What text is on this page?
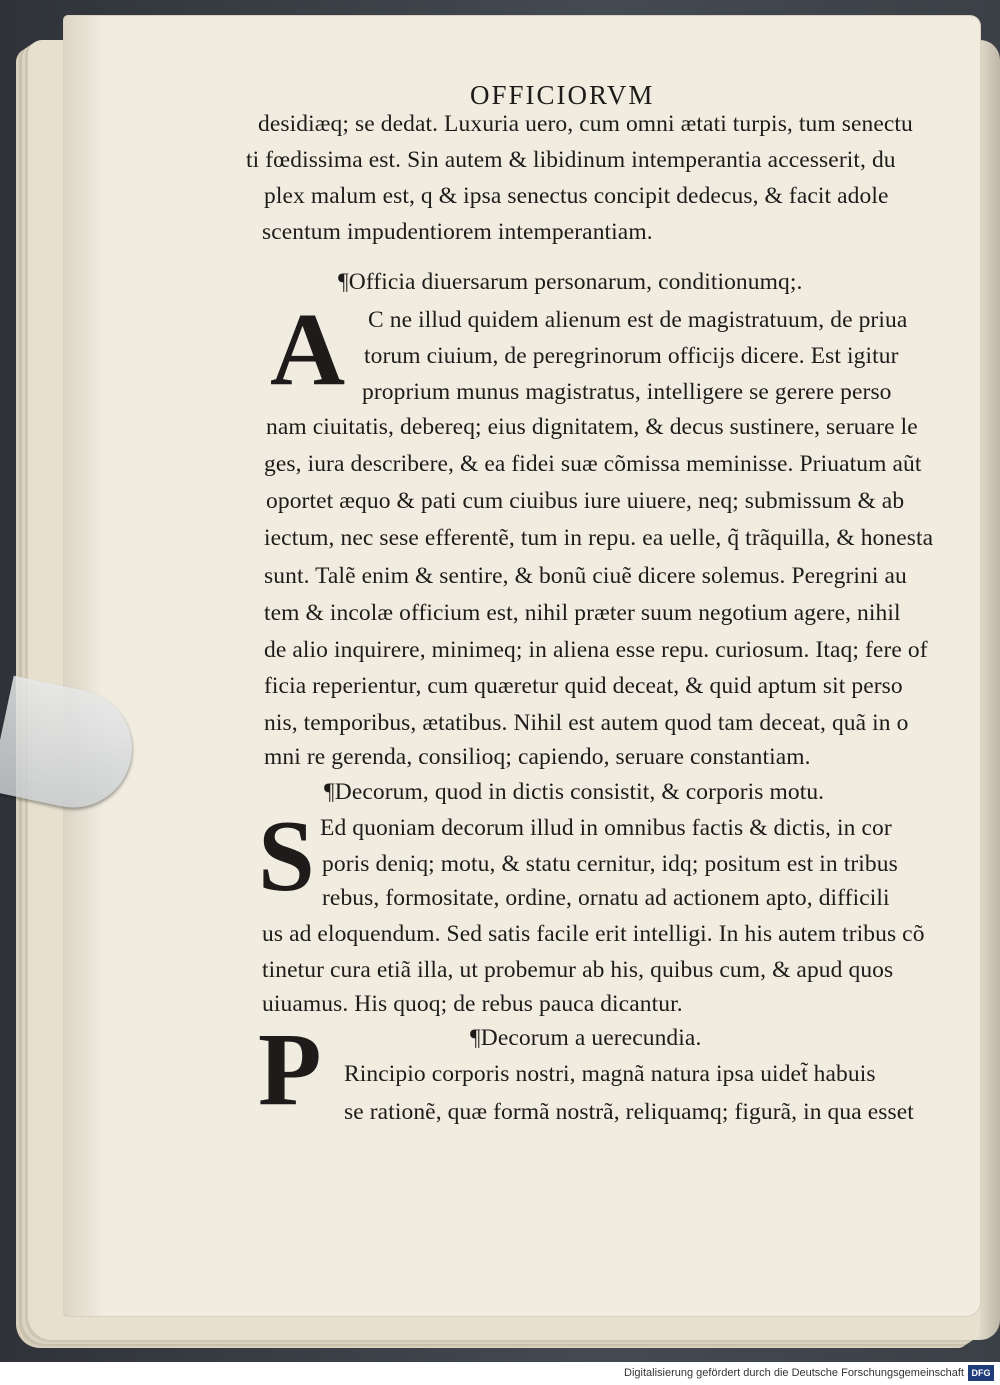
OFFICIORVM
desidiæq; se dedat. Luxuria uero, cum omni ætati turpis, tum senectu
ti fœdissima est. Sin autem & libidinum intemperantia accesserit, du
plex malum est, q & ipsa senectus concipit dedecus, & facit adole
scentum impudentiorem intemperantiam.
¶Officia diuersarum personarum, conditionumq;.
A C ne illud quidem alienum est de magistratuum, de priua
torum ciuium, de peregrinorum officijs dicere. Est igitur
proprium munus magistratus, intelligere se gerere perso
nam ciuitatis, debereq; eius dignitatem, & decus sustinere, seruare le
ges, iura describere, & ea fidei suæ cõmissa meminisse. Priuatum aũt
oportet æquo & pati cum ciuibus iure uiuere, neq; submissum & ab
iectum, nec sese efferentẽ, tum in repu. ea uelle, q̃ trãquilla, & honesta
sunt. Talẽ enim & sentire, & bonũ ciuẽ dicere solemus. Peregrini au
tem & incolæ officium est, nihil præter suum negotium agere, nihil
de alio inquirere, minimeq; in aliena esse repu. curiosum. Itaq; fere of
ficia reperientur, cum quæretur quid deceat, & quid aptum sit perso
nis, temporibus, ætatibus. Nihil est autem quod tam deceat, quã in o
mni re gerenda, consilioq; capiendo, seruare constantiam.
¶Decorum, quod in dictis consistit, & corporis motu.
S Ed quoniam decorum illud in omnibus factis & dictis, in cor
poris deniq; motu, & statu cernitur, idq; positum est in tribus
rebus, formositate, ordine, ornatu ad actionem apto, difficili
us ad eloquendum. Sed satis facile erit intelligi. In his autem tribus cõ
tinetur cura etiã illa, ut probemur ab his, quibus cum, & apud quos
uiuamus. His quoq; de rebus pauca dicantur.
¶Decorum a uerecundia.
P Rincipio corporis nostri, magnã natura ipsa uidet̃ habuis
se rationẽ, quæ formã nostrã, reliquamq; figurã, in qua esset
Digitalisierung gefördert durch die Deutsche Forschungsgemeinschaft DFG
